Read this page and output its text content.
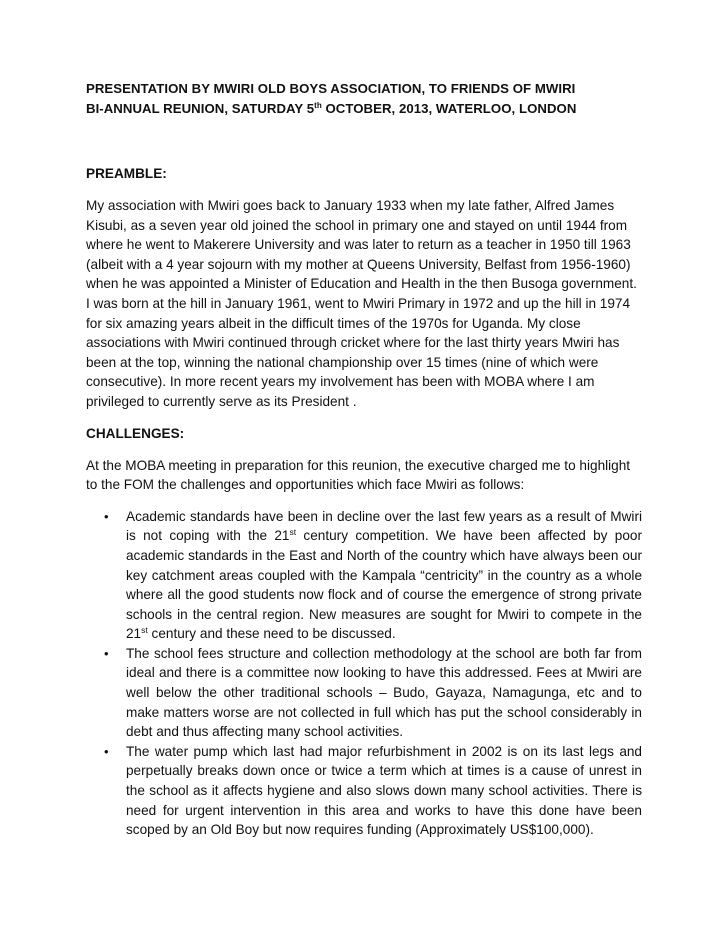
PRESENTATION BY MWIRI OLD BOYS ASSOCIATION, TO FRIENDS OF MWIRI

BI-ANNUAL REUNION, SATURDAY 5th OCTOBER, 2013, WATERLOO, LONDON

PREAMBLE:

My association with Mwiri goes back to January 1933 when my late father, Alfred James Kisubi, as a seven year old joined the school in primary one and stayed on until 1944 from where he went to Makerere University and was later to return as a teacher in 1950 till 1963 (albeit with a 4 year sojourn with my mother at Queens University, Belfast from 1956-1960) when he was appointed a Minister of Education and Health in the then Busoga government. I was born at the hill in January 1961, went to Mwiri Primary in 1972 and up the hill in 1974 for six amazing years albeit in the difficult times of the 1970s for Uganda. My close associations with Mwiri continued through cricket where for the last thirty years Mwiri has been at the top, winning the national championship over 15 times (nine of which were consecutive). In more recent years my involvement has been with MOBA where I am privileged to currently serve as its President .

CHALLENGES:

At the MOBA meeting in preparation for this reunion, the executive charged me to highlight to the FOM the challenges and opportunities which face Mwiri as follows:

• Academic standards have been in decline over the last few years as a result of Mwiri is not coping with the 21st century competition. We have been affected by poor academic standards in the East and North of the country which have always been our key catchment areas coupled with the Kampala “centricity” in the country as a whole where all the good students now flock and of course the emergence of strong private schools in the central region. New measures are sought for Mwiri to compete in the 21st century and these need to be discussed.
• The school fees structure and collection methodology at the school are both far from ideal and there is a committee now looking to have this addressed. Fees at Mwiri are well below the other traditional schools – Budo, Gayaza, Namagunga, etc and to make matters worse are not collected in full which has put the school considerably in debt and thus affecting many school activities.
• The water pump which last had major refurbishment in 2002 is on its last legs and perpetually breaks down once or twice a term which at times is a cause of unrest in the school as it affects hygiene and also slows down many school activities. There is need for urgent intervention in this area and works to have this done have been scoped by an Old Boy but now requires funding (Approximately US$100,000).
